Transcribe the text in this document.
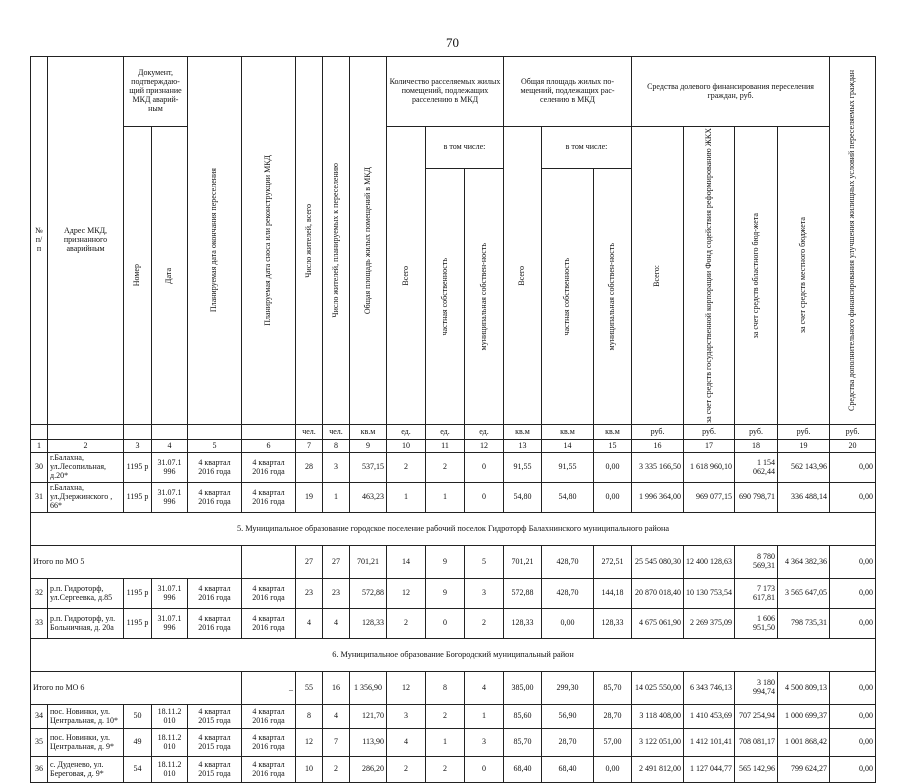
70
№ п/ п	Адрес МКД, признанного аварийным	Документ, подтверждаю-щий признание МКД аварий-ным		Планируемая дата окончания переселения	Планируемая дата сноса или реконструкции МКД	Число жителей, всего	Число жителей, планируемых к переселению	Общая площадь жилых помещений в МКД	Количество расселяемых жилых помещений, подлежащих расселению в МКД			Общая площадь жилых по-мещений, подлежащих рас-селению в МКД			Средства долевого финансирования переселения граждан, руб.				Средства дополнительного финансирования улучшения жилищных условий переселяемых граждан

		Номер	Дата						Всего	в том числе:		Всего	в том числе:		Всего:	за счет средств государственной корпорации Фонд содействия реформированию ЖКХ	за счет средств областного бюд-жета	за счет средств местного бюджета	

										частная собственность	муниципальная собствен-ность		частная собственность	муниципальная собствен-ность					

						чел.	чел.	кв.м	ед.	ед.	ед.	кв.м	кв.м	кв.м	руб.	руб.	руб.	руб.	руб.
1	2	3	4	5	6	7	8	9	10	11	12	13	14	15	16	17	18	19	20
30	г.Балахна, ул.Лесопильная, д.20*	1195 р	31.07.1 996	4 квартал 2016 года	4 квартал 2016 года	28	3	537,15	2	2	0	91,55	91,55	0,00	3 335 166,50	1 618 960,10	1 154 062,44	562 143,96	0,00
31	г.Балахна, ул.Дзержинского , 66*	1195 р	31.07.1 996	4 квартал 2016 года	4 квартал 2016 года	19	1	463,23	1	1	0	54,80	54,80	0,00	1 996 364,00	969 077,15	690 798,71	336 488,14	0,00
5. Муниципальное образование городское поселение рабочий поселок Гидроторф Балахнинского муниципального района																			
Итого по МО 5						27	27	701,21	14	9	5	701,21	428,70	272,51	25 545 080,30	12 400 128,63	8 780 569,31	4 364 382,36	0,00
32	р.п. Гидроторф, ул.Сергеевка, д.85	1195 р	31.07.1 996	4 квартал 2016 года	4 квартал 2016 года	23	23	572,88	12	9	3	572,88	428,70	144,18	20 870 018,40	10 130 753,54	7 173 617,81	3 565 647,05	0,00
33	р.п. Гидроторф, ул. Больничная, д. 20а	1195 р	31.07.1 996	4 квартал 2016 года	4 квартал 2016 года	4	4	128,33	2	0	2	128,33	0,00	128,33	4 675 061,90	2 269 375,09	1 606 951,50	798 735,31	0,00
6. Муниципальное образование Богородский муниципальный район																			
Итого по МО 6					_	55	16	1 356,90	12	8	4	385,00	299,30	85,70	14 025 550,00	6 343 746,13	3 180 994,74	4 500 809,13	0,00
34	пос. Новинки, ул. Центральная, д. 10*	50	18.11.2 010	4 квартал 2015 года	4 квартал 2016 года	8	4	121,70	3	2	1	85,60	56,90	28,70	3 118 408,00	1 410 453,69	707 254,94	1 000 699,37	0,00
35	пос. Новинки, ул. Центральная, д. 9*	49	18.11.2 010	4 квартал 2015 года	4 квартал 2016 года	12	7	113,90	4	1	3	85,70	28,70	57,00	3 122 051,00	1 412 101,41	708 081,17	1 001 868,42	0,00
36	с. Дуденево, ул. Береговая, д. 9*	54	18.11.2 010	4 квартал 2015 года	4 квартал 2016 года	10	2	286,20	2	2	0	68,40	68,40	0,00	2 491 812,00	1 127 044,77	565 142,96	799 624,27	0,00
